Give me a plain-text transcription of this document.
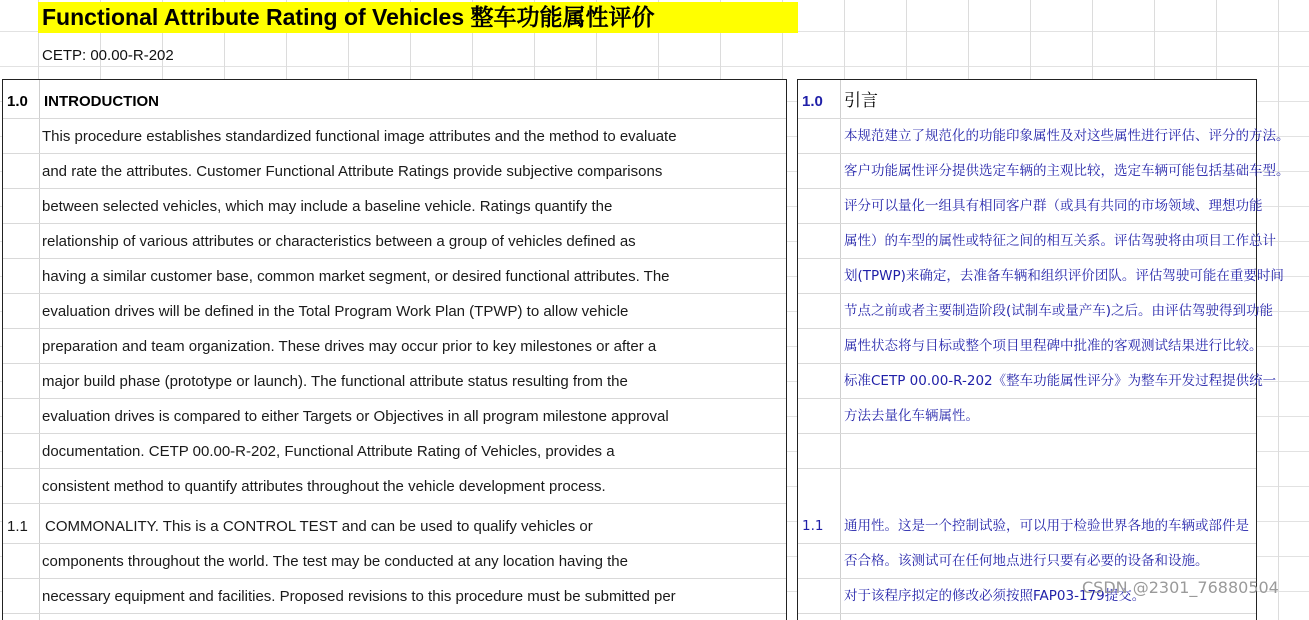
Functional Attribute Rating of Vehicles 整车功能属性评价
CETP: 00.00-R-202
1.0 INTRODUCTION
This procedure establishes standardized functional image attributes and the method to evaluate
and rate the attributes. Customer Functional Attribute Ratings provide subjective comparisons
between selected vehicles, which may include a baseline vehicle. Ratings quantify the
relationship of various attributes or characteristics between a group of vehicles defined as
having a similar customer base, common market segment, or desired functional attributes. The
evaluation drives will be defined in the Total Program Work Plan (TPWP) to allow vehicle
preparation and team organization. These drives may occur prior to key milestones or after a
major build phase (prototype or launch). The functional attribute status resulting from the
evaluation drives is compared to either Targets or Objectives in all program milestone approval
documentation. CETP 00.00-R-202, Functional Attribute Rating of Vehicles, provides a
consistent method to quantify attributes throughout the vehicle development process.
1.1 COMMONALITY. This is a CONTROL TEST and can be used to qualify vehicles or
components throughout the world. The test may be conducted at any location having the
necessary equipment and facilities. Proposed revisions to this procedure must be submitted per
1.0 引言
本规范建立了规范化的功能印象属性及对这些属性进行评估、评分的方法。
客户功能属性评分提供选定车辆的主观比较，选定车辆可能包括基础车型。
评分可以量化一组具有相同客户群（或具有共同的市场领域、理想功能
属性）的车型的属性或特征之间的相互关系。评估驾驶将由项目工作总计
划(TPWP)来确定，去准备车辆和组织评价团队。评估驾驶可能在重要时间
节点之前或者主要制造阶段(试制车或量产车)之后。由评估驾驶得到功能
属性状态将与目标或整个项目里程碑中批准的客观测试结果进行比较。
标准CETP 00.00-R-202《整车功能属性评分》为整车开发过程提供统一
方法去量化车辆属性。
1.1 通用性。这是一个控制试验，可以用于检验世界各地的车辆或部件是
否合格。该测试可在任何地点进行只要有必要的设备和设施。
对于该程序拟定的修改必须按照FAP03-179提交。
CSDN @2301_76880504
